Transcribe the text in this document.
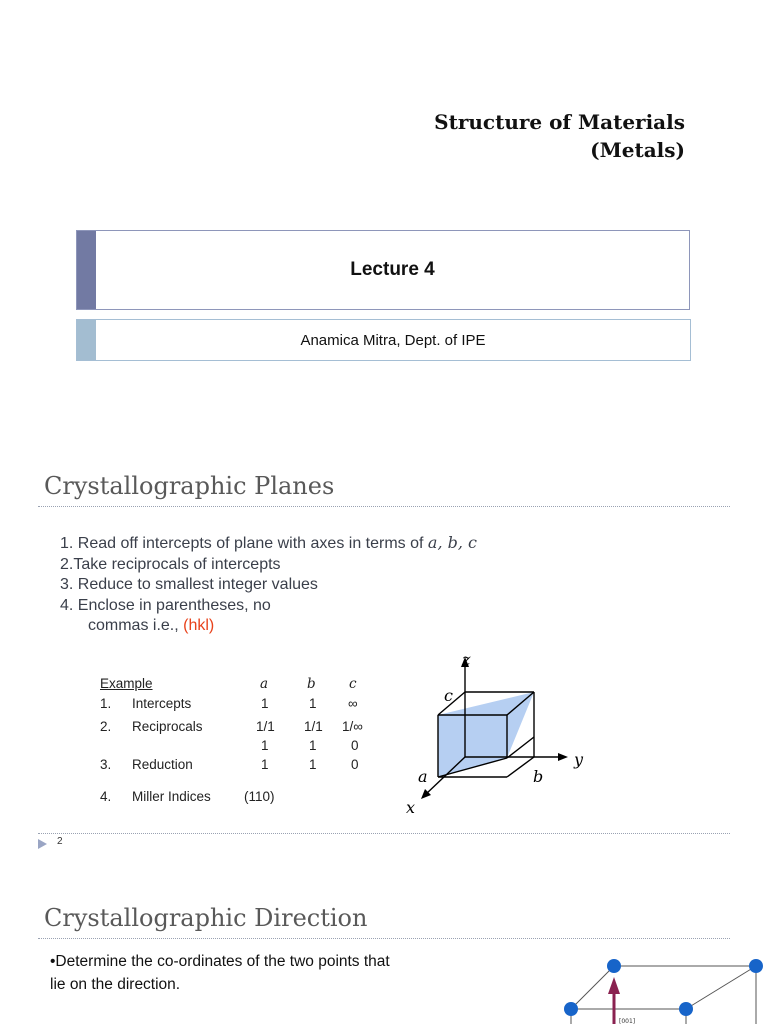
Structure of Materials
(Metals)
Lecture 4
Anamica Mitra, Dept. of IPE
Crystallographic Planes
1. Read off intercepts of plane with axes in terms of a, b, c
2.Take reciprocals of intercepts
3. Reduce to smallest integer values
4. Enclose in parentheses, no
commas i.e., (hkl)
Example	a	b c
1. Intercepts	1	1 ∞
2. Reciprocals	1/1 1/1 1/∞
1	1	0
3. Reduction	1	1	0
4. Miller Indices (110)
z
y
x
a	b
c
2
Crystallographic Direction
•Determine the co-ordinates of the two points that
lie on the direction.
[001]
